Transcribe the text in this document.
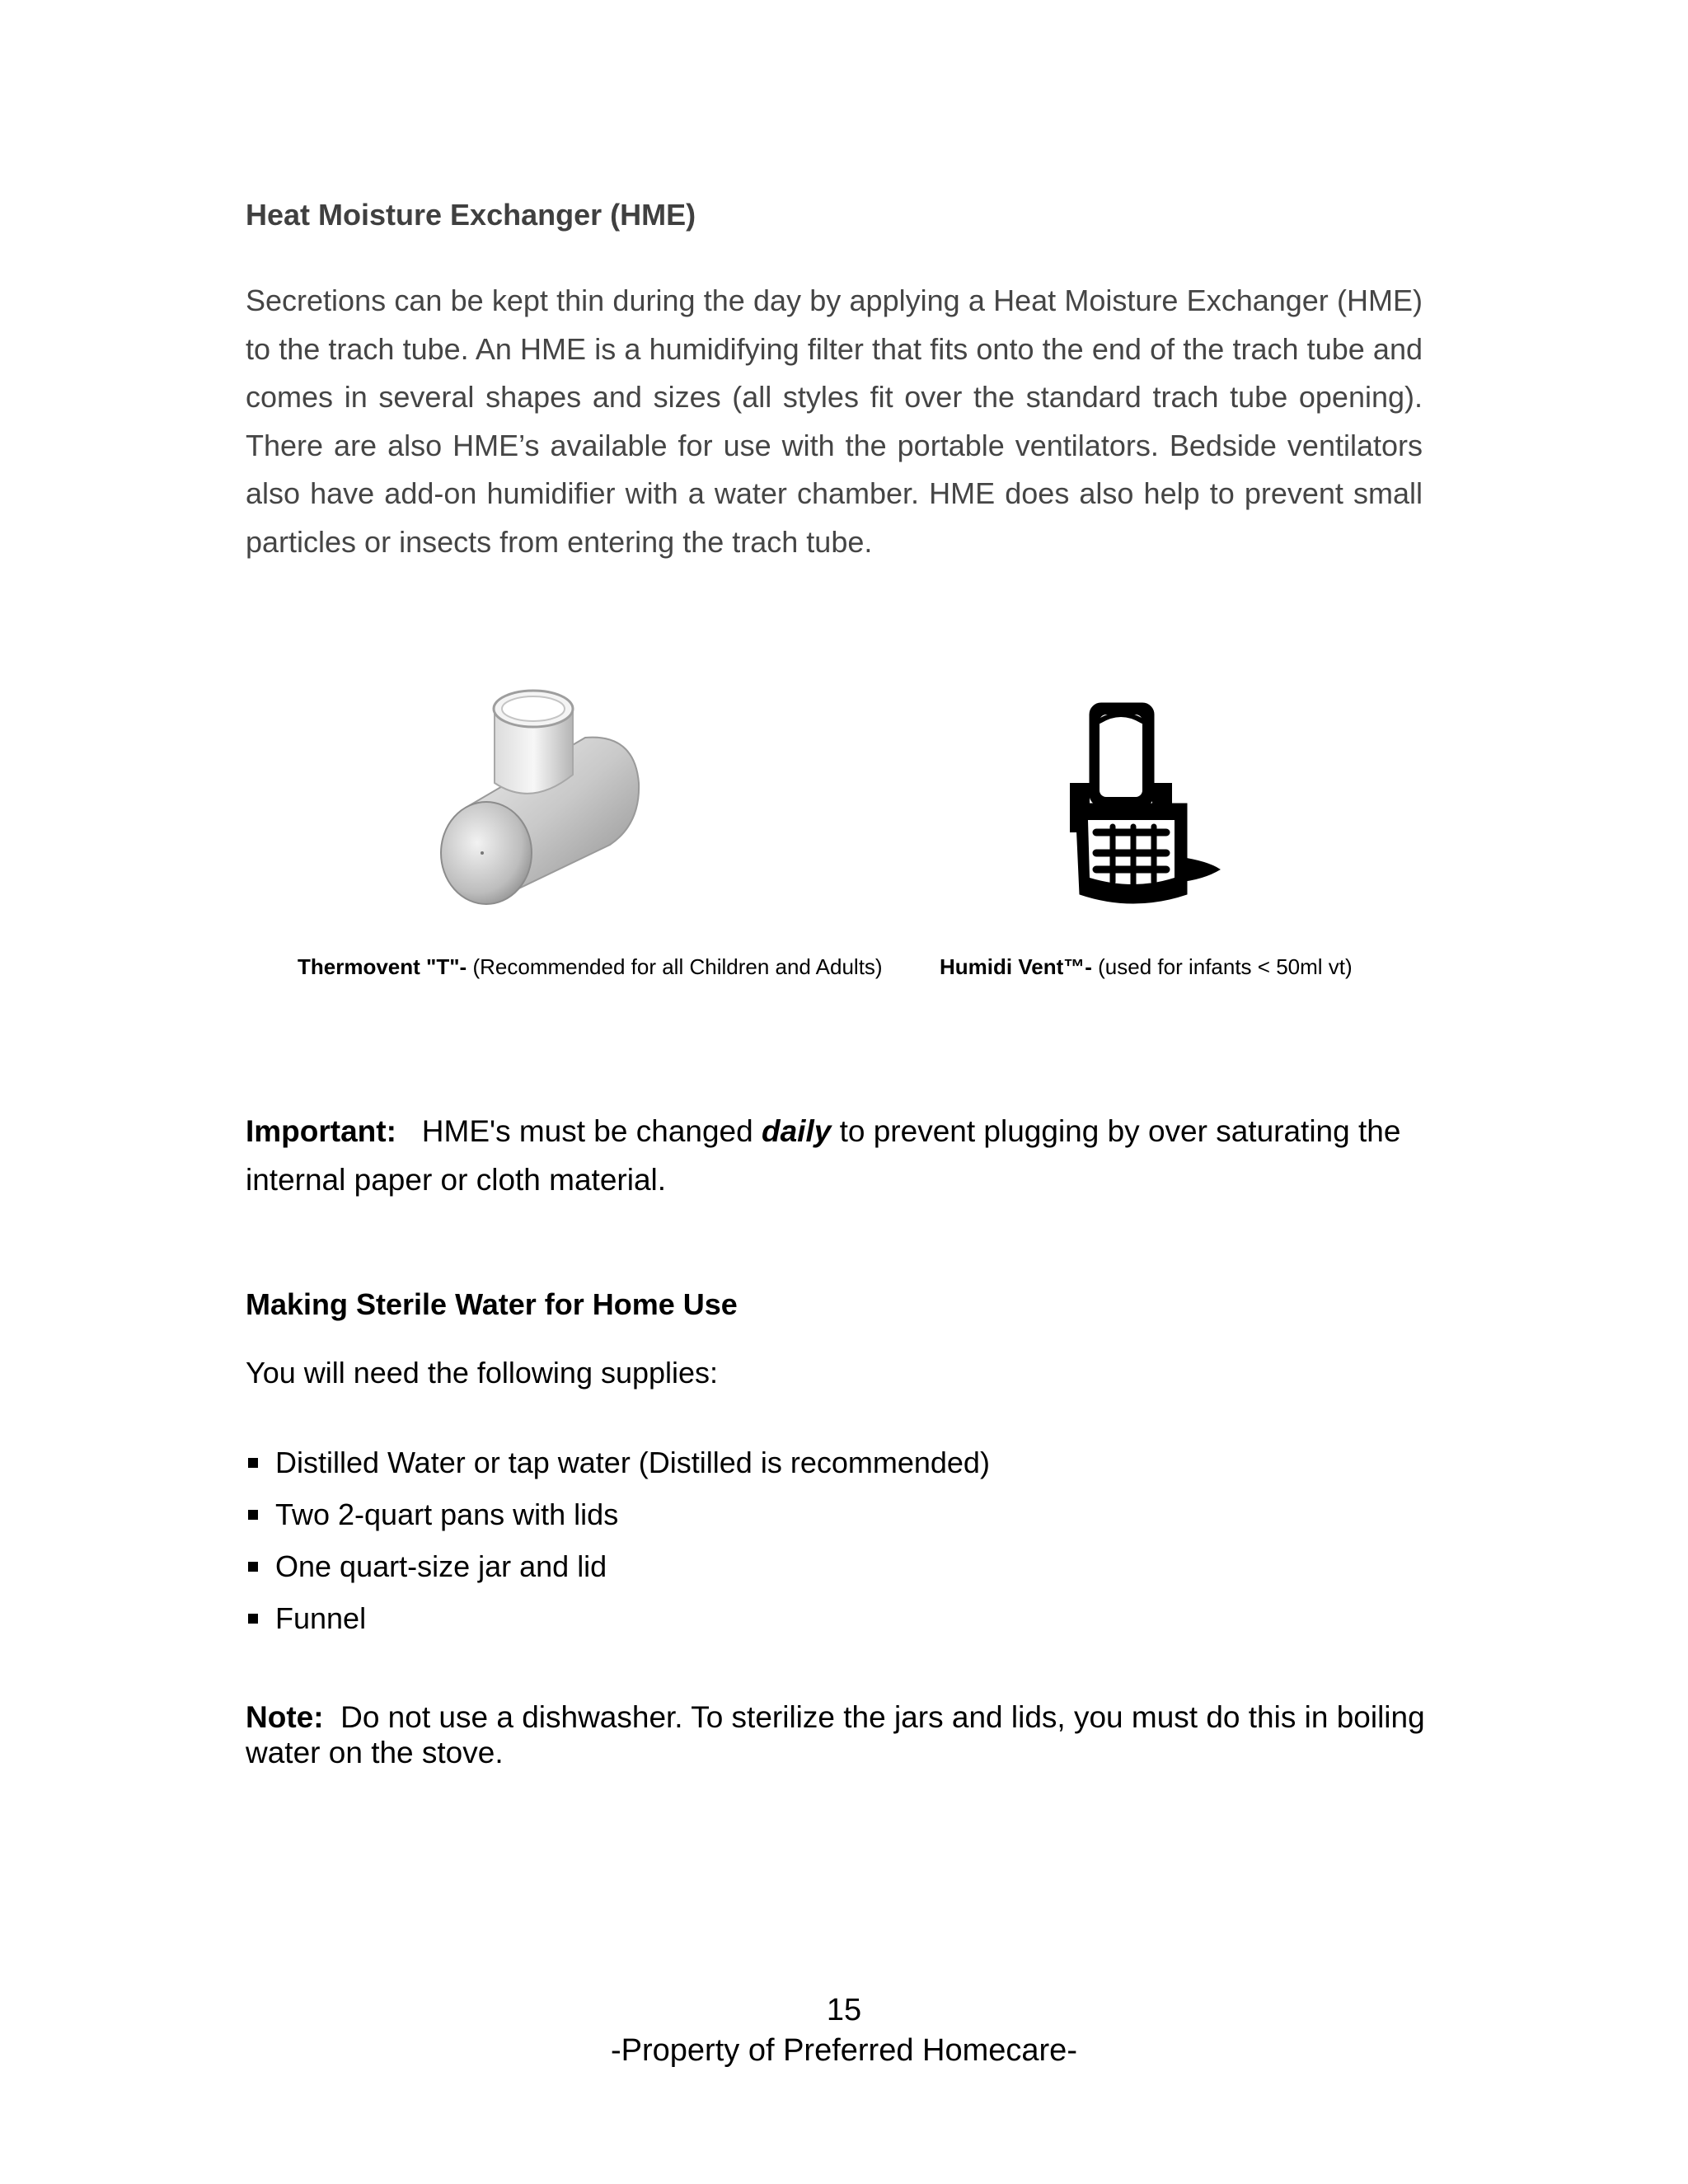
Heat Moisture Exchanger (HME)
Secretions can be kept thin during the day by applying a Heat Moisture Exchanger (HME) to the trach tube. An HME is a humidifying filter that fits onto the end of the trach tube and comes in several shapes and sizes (all styles fit over the standard trach tube opening). There are also HME’s available for use with the portable ventilators. Bedside ventilators also have add-on humidifier with a water chamber. HME does also help to prevent small particles or insects from entering the trach tube.
Thermovent "T"- (Recommended for all Children and Adults)	Humidi Vent™- (used for infants < 50ml vt)
Important: HME's must be changed daily to prevent plugging by over saturating the internal paper or cloth material.
Making Sterile Water for Home Use
You will need the following supplies:
Distilled Water or tap water (Distilled is recommended)
Two 2-quart pans with lids
One quart-size jar and lid
Funnel
Note: Do not use a dishwasher. To sterilize the jars and lids, you must do this in boiling water on the stove.
15
-Property of Preferred Homecare-
